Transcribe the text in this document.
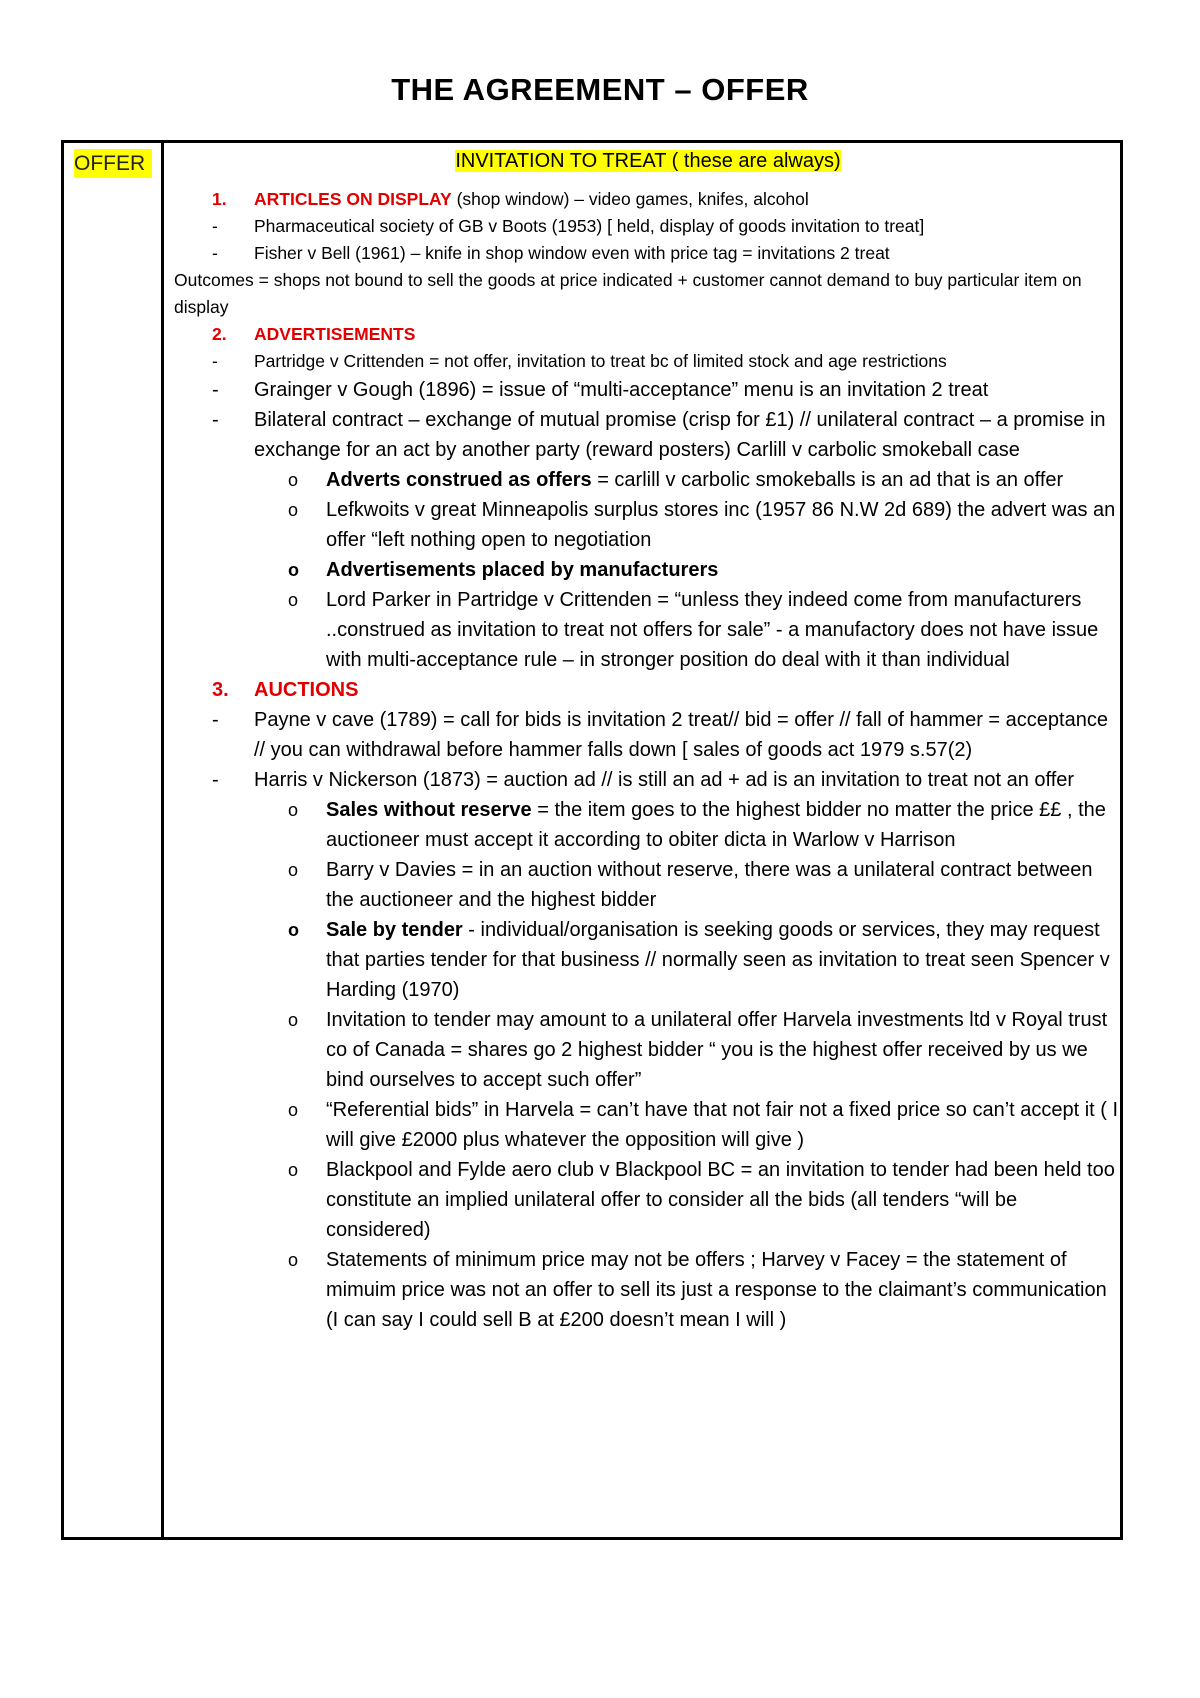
THE AGREEMENT – OFFER
OFFER	INVITATION TO TREAT ( these are always)
1.	ARTICLES ON DISPLAY (shop window) – video games, knifes, alcohol
-	Pharmaceutical society of GB v Boots (1953) [ held, display of goods invitation to treat]
-	Fisher v Bell (1961) – knife in shop window even with price tag = invitations 2 treat
Outcomes = shops not bound to sell the goods at price indicated + customer cannot demand to buy particular item on display
2.	ADVERTISEMENTS
-	Partridge v Crittenden = not offer, invitation to treat bc of limited stock and age restrictions
-	Grainger v Gough (1896) = issue of “multi-acceptance” menu is an invitation 2 treat
-	Bilateral contract – exchange of mutual promise (crisp for £1) // unilateral contract – a promise in exchange for an act by another party (reward posters) Carlill v carbolic smokeball case
o	Adverts construed as offers = carlill v carbolic smokeballs is an ad that is an offer
o	Lefkwoits v great Minneapolis surplus stores inc (1957 86 N.W 2d 689) the advert was an offer “left nothing open to negotiation
o	Advertisements placed by manufacturers
o	Lord Parker in Partridge v Crittenden = “unless they indeed come from manufacturers ..construed as invitation to treat not offers for sale” - a manufactory does not have issue with multi-acceptance rule – in stronger position do deal with it than individual
3.	AUCTIONS
-	Payne v cave (1789) = call for bids is invitation 2 treat// bid = offer // fall of hammer = acceptance // you can withdrawal before hammer falls down [ sales of goods act 1979 s.57(2)
-	Harris v Nickerson (1873) = auction ad // is still an ad + ad is an invitation to treat not an offer
o	Sales without reserve = the item goes to the highest bidder no matter the price ££ , the auctioneer must accept it according to obiter dicta in Warlow v Harrison
o	Barry v Davies = in an auction without reserve, there was a unilateral contract between the auctioneer and the highest bidder
o	Sale by tender - individual/organisation is seeking goods or services, they may request that parties tender for that business // normally seen as invitation to treat seen Spencer v Harding (1970)
o	Invitation to tender may amount to a unilateral offer Harvela investments ltd v Royal trust co of Canada = shares go 2 highest bidder “ you is the highest offer received by us we bind ourselves to accept such offer”
o	“Referential bids” in Harvela = can’t have that not fair not a fixed price so can’t accept it ( I will give £2000 plus whatever the opposition will give )
o	Blackpool and Fylde aero club v Blackpool BC = an invitation to tender had been held too constitute an implied unilateral offer to consider all the bids (all tenders “will be considered)
o	Statements of minimum price may not be offers ; Harvey v Facey = the statement of mimuim price was not an offer to sell its just a response to the claimant’s communication (I can say I could sell B at £200 doesn’t mean I will )
